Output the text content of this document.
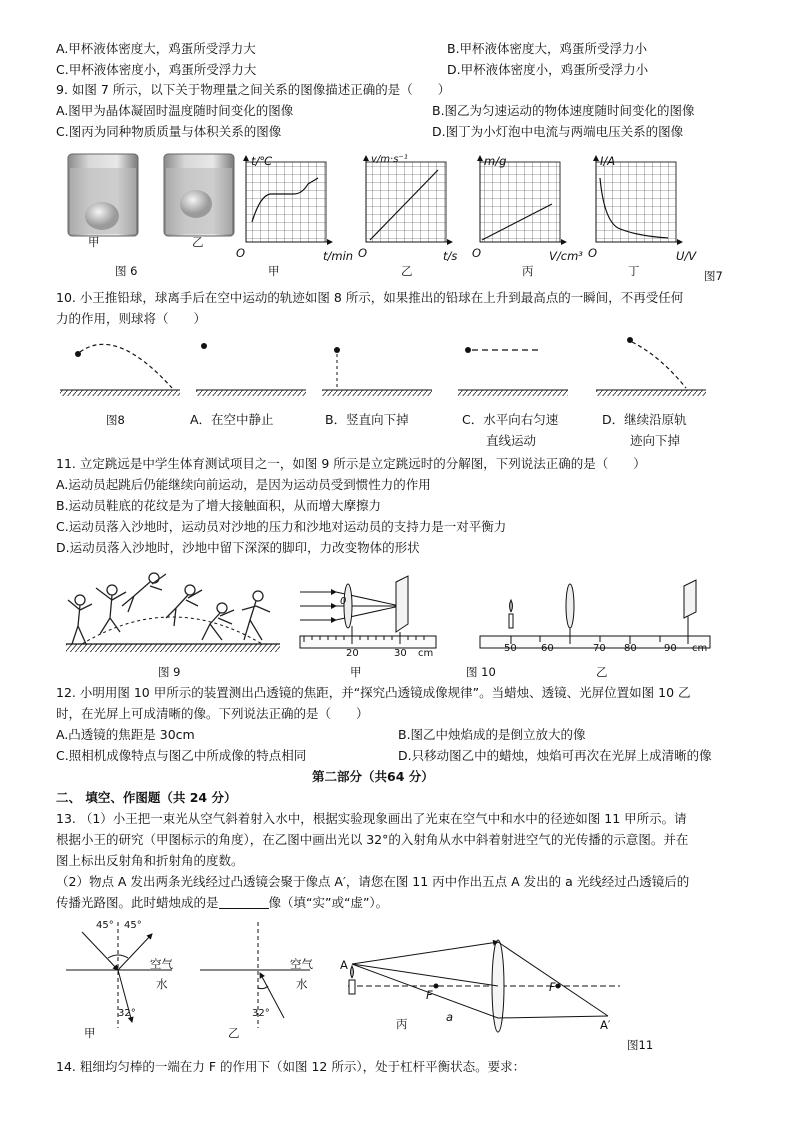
A.甲杯液体密度大，鸡蛋所受浮力大	B.甲杯液体密度大，鸡蛋所受浮力小
C.甲杯液体密度小，鸡蛋所受浮力大	D.甲杯液体密度小，鸡蛋所受浮力小
9. 如图 7 所示，以下关于物理量之间关系的图像描述正确的是（　　）
A.图甲为晶体凝固时温度随时间变化的图像	B.图乙为匀速运动的物体速度随时间变化的图像
C.图丙为同种物质质量与体积关系的图像	D.图丁为小灯泡中电流与两端电压关系的图像
甲	乙
图 6
t/℃
t/min
O
甲
v/m·s⁻¹
t/s
O
乙
m/g
V/cm³
O
丙
I/A
U/V
O
丁	图7
10. 小王推铅球，球离手后在空中运动的轨迹如图 8 所示，如果推出的铅球在上升到最高点的一瞬间，不再受任何
力的作用，则球将（　　）
图8	A．在空中静止	B．竖直向下掉	C．水平向右匀速
直线运动
D．继续沿原轨
迹向下掉
11. 立定跳远是中学生体育测试项目之一，如图 9 所示是立定跳远时的分解图，下列说法正确的是（　　）
A.运动员起跳后仍能继续向前运动，是因为运动员受到惯性力的作用
B.运动员鞋底的花纹是为了增大接触面积，从而增大摩擦力
C.运动员落入沙地时，运动员对沙地的压力和沙地对运动员的支持力是一对平衡力
D.运动员落入沙地时，沙地中留下深深的脚印，力改变物体的形状
图 9
0
20	30 cm
甲	图 10
50 60	70 80	90 cm
乙
12. 小明用图 10 甲所示的装置测出凸透镜的焦距，并“探究凸透镜成像规律”。当蜡烛、透镜、光屏位置如图 10 乙
时，在光屏上可成清晰的像。下列说法正确的是（　　）
A.凸透镜的焦距是 30cm	B.图乙中烛焰成的是倒立放大的像
C.照相机成像特点与图乙中所成像的特点相同	D.只移动图乙中的蜡烛，烛焰可再次在光屏上成清晰的像
第二部分（共64 分）
二、 填空、作图题（共 24 分）
13. （1）小王把一束光从空气斜着射入水中，根据实验现象画出了光束在空气中和水中的径迹如图 11 甲所示。请
根据小王的研究（甲图标示的角度），在乙图中画出光以 32°的入射角从水中斜着射进空气的光传播的示意图。并在
图上标出反射角和折射角的度数。
（2）物点 A 发出两条光线经过凸透镜会聚于像点 A′，请您在图 11 丙中作出五点 A 发出的 a 光线经过凸透镜后的
传播光路图。此时蜡烛成的是	像（填“实”或“虚”）。
45° 45°
空气
水
32°
甲
空气
水
32°
乙
A
F
F
a
A′
丙
图11
14. 粗细均匀棒的一端在力 F 的作用下（如图 12 所示），处于杠杆平衡状态。要求：
